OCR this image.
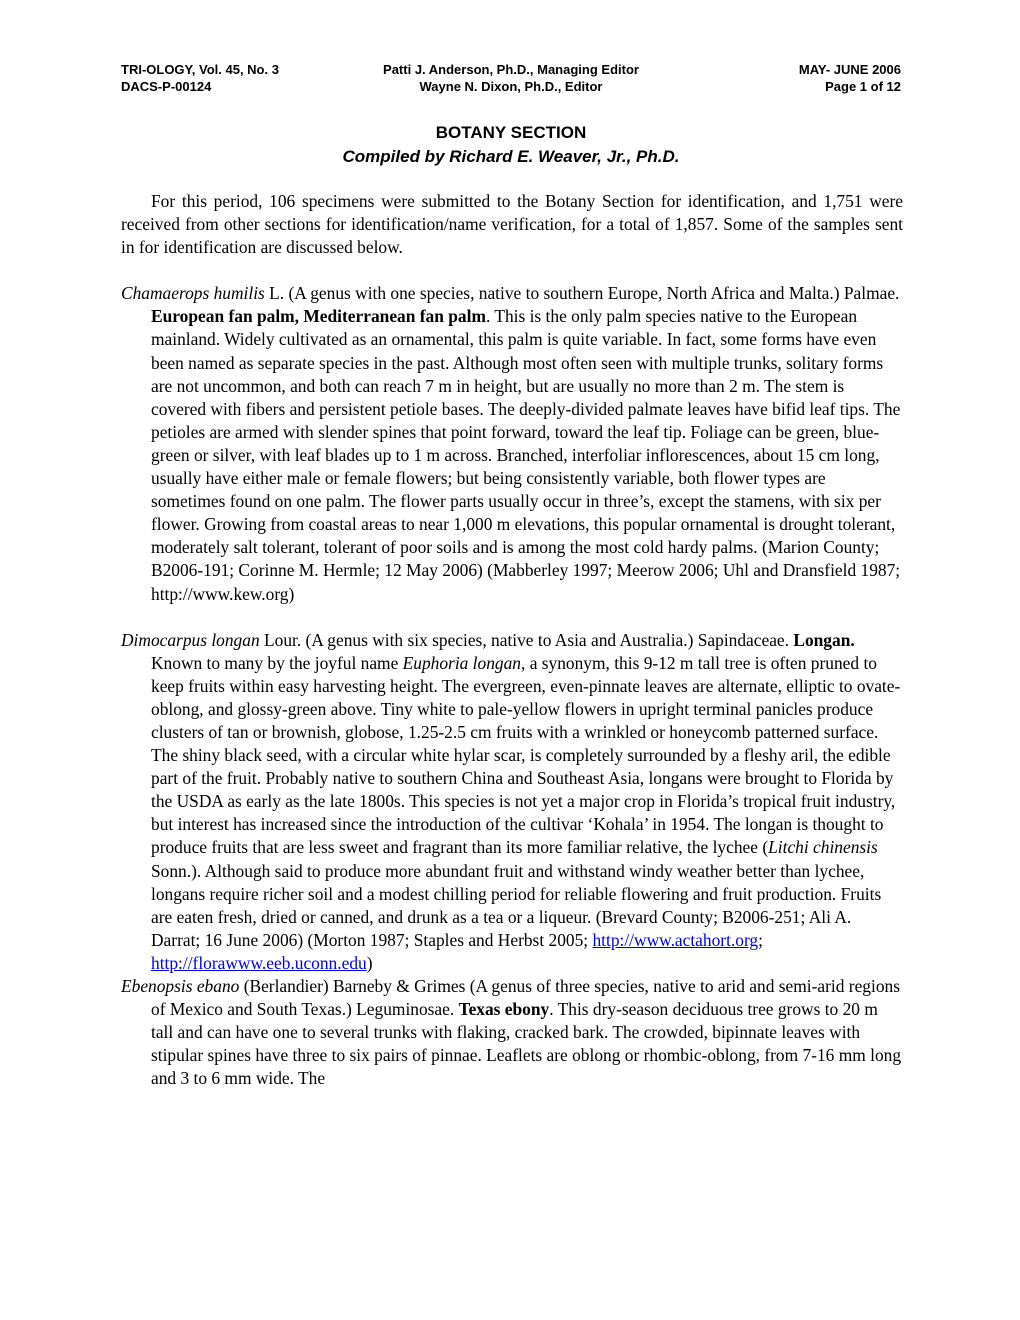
TRI-OLOGY, Vol. 45, No. 3	Patti J. Anderson, Ph.D., Managing Editor	MAY- JUNE 2006
DACS-P-00124	Wayne N. Dixon, Ph.D., Editor	Page 1 of 12
BOTANY SECTION
Compiled by Richard E. Weaver, Jr., Ph.D.

For this period, 106 specimens were submitted to the Botany Section for identification, and 1,751 were received from other sections for identification/name verification, for a total of 1,857. Some of the samples sent in for identification are discussed below.

Chamaerops humilis L. (A genus with one species, native to southern Europe, North Africa and Malta.) Palmae. European fan palm, Mediterranean fan palm. This is the only palm species native to the European mainland. Widely cultivated as an ornamental, this palm is quite variable. In fact, some forms have even been named as separate species in the past. Although most often seen with multiple trunks, solitary forms are not uncommon, and both can reach 7 m in height, but are usually no more than 2 m. The stem is covered with fibers and persistent petiole bases. The deeply-divided palmate leaves have bifid leaf tips. The petioles are armed with slender spines that point forward, toward the leaf tip. Foliage can be green, blue-green or silver, with leaf blades up to 1 m across. Branched, interfoliar inflorescences, about 15 cm long, usually have either male or female flowers; but being consistently variable, both flower types are sometimes found on one palm. The flower parts usually occur in three’s, except the stamens, with six per flower. Growing from coastal areas to near 1,000 m elevations, this popular ornamental is drought tolerant, moderately salt tolerant, tolerant of poor soils and is among the most cold hardy palms. (Marion County; B2006-191; Corinne M. Hermle; 12 May 2006) (Mabberley 1997; Meerow 2006; Uhl and Dransfield 1987; http://www.kew.org)

Dimocarpus longan Lour. (A genus with six species, native to Asia and Australia.) Sapindaceae. Longan. Known to many by the joyful name Euphoria longan, a synonym, this 9-12 m tall tree is often pruned to keep fruits within easy harvesting height. The evergreen, even-pinnate leaves are alternate, elliptic to ovate-oblong, and glossy-green above. Tiny white to pale-yellow flowers in upright terminal panicles produce clusters of tan or brownish, globose, 1.25-2.5 cm fruits with a wrinkled or honeycomb patterned surface. The shiny black seed, with a circular white hylar scar, is completely surrounded by a fleshy aril, the edible part of the fruit. Probably native to southern China and Southeast Asia, longans were brought to Florida by the USDA as early as the late 1800s. This species is not yet a major crop in Florida’s tropical fruit industry, but interest has increased since the introduction of the cultivar ‘Kohala’ in 1954. The longan is thought to produce fruits that are less sweet and fragrant than its more familiar relative, the lychee (Litchi chinensis Sonn.). Although said to produce more abundant fruit and withstand windy weather better than lychee, longans require richer soil and a modest chilling period for reliable flowering and fruit production. Fruits are eaten fresh, dried or canned, and drunk as a tea or a liqueur. (Brevard County; B2006-251; Ali A. Darrat; 16 June 2006) (Morton 1987; Staples and Herbst 2005; http://www.actahort.org; http://florawww.eeb.uconn.edu)

Ebenopsis ebano (Berlandier) Barneby & Grimes (A genus of three species, native to arid and semi-arid regions of Mexico and South Texas.) Leguminosae. Texas ebony. This dry-season deciduous tree grows to 20 m tall and can have one to several trunks with flaking, cracked bark. The crowded, bipinnate leaves with stipular spines have three to six pairs of pinnae. Leaflets are oblong or rhombic-oblong, from 7-16 mm long and 3 to 6 mm wide. The
